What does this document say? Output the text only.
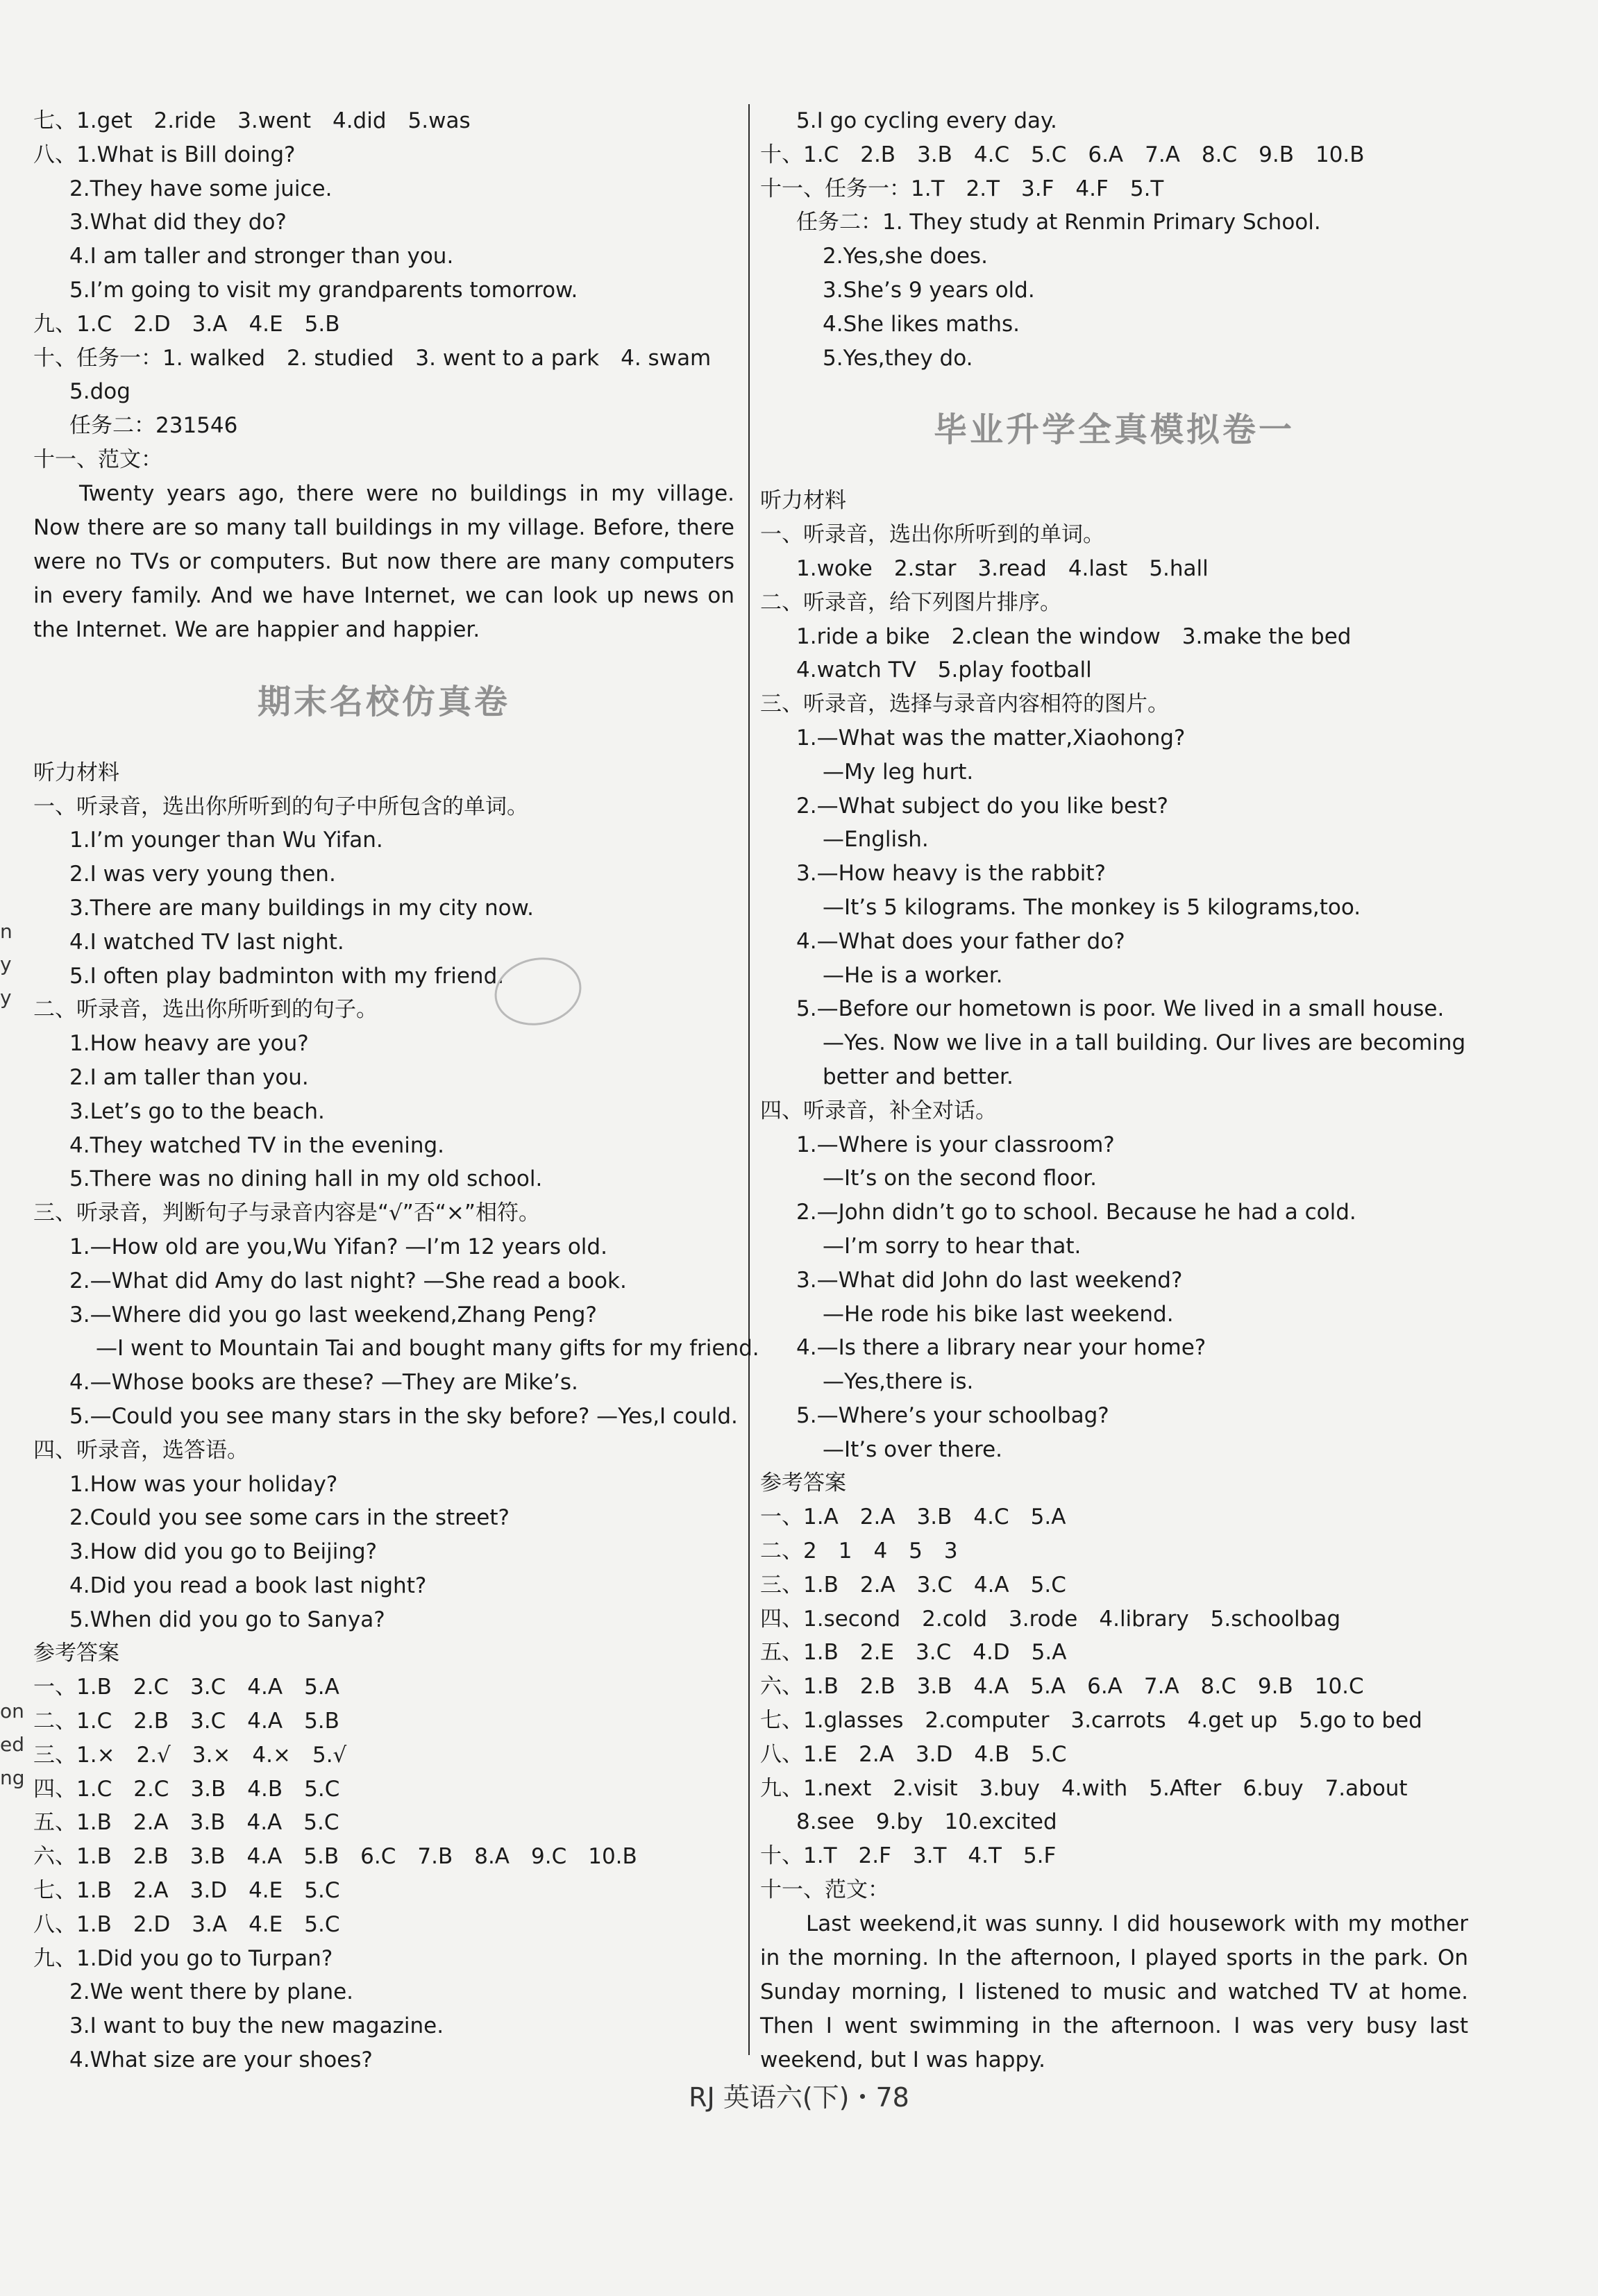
七、1.get　2.ride　3.went　4.did　5.was
八、1.What is Bill doing?
2.They have some juice.
3.What did they do?
4.I am taller and stronger than you.
5.I’m going to visit my grandparents tomorrow.
九、1.C　2.D　3.A　4.E　5.B
十、任务一：1. walked　2. studied　3. went to a park　4. swam
5.dog
任务二：231546
十一、范文：
Twenty years ago, there were no buildings in my village. Now there are so many tall buildings in my village. Before, there were no TVs or computers. But now there are many computers in every family. And we have Internet, we can look up news on the Internet. We are happier and happier.
期末名校仿真卷
听力材料
一、听录音，选出你所听到的句子中所包含的单词。
1.I’m younger than Wu Yifan.
2.I was very young then.
3.There are many buildings in my city now.
4.I watched TV last night.
5.I often play badminton with my friend.
二、听录音，选出你所听到的句子。
1.How heavy are you?
2.I am taller than you.
3.Let’s go to the beach.
4.They watched TV in the evening.
5.There was no dining hall in my old school.
三、听录音，判断句子与录音内容是“√”否“×”相符。
1.—How old are you,Wu Yifan? —I’m 12 years old.
2.—What did Amy do last night? —She read a book.
3.—Where did you go last weekend,Zhang Peng?
—I went to Mountain Tai and bought many gifts for my friend.
4.—Whose books are these? —They are Mike’s.
5.—Could you see many stars in the sky before? —Yes,I could.
四、听录音，选答语。
1.How was your holiday?
2.Could you see some cars in the street?
3.How did you go to Beijing?
4.Did you read a book last night?
5.When did you go to Sanya?
参考答案
一、1.B　2.C　3.C　4.A　5.A
二、1.C　2.B　3.C　4.A　5.B
三、1.×　2.√　3.×　4.×　5.√
四、1.C　2.C　3.B　4.B　5.C
五、1.B　2.A　3.B　4.A　5.C
六、1.B　2.B　3.B　4.A　5.B　6.C　7.B　8.A　9.C　10.B
七、1.B　2.A　3.D　4.E　5.C
八、1.B　2.D　3.A　4.E　5.C
九、1.Did you go to Turpan?
2.We went there by plane.
3.I want to buy the new magazine.
4.What size are your shoes?
5.I go cycling every day.
十、1.C　2.B　3.B　4.C　5.C　6.A　7.A　8.C　9.B　10.B
十一、任务一：1.T　2.T　3.F　4.F　5.T
任务二：1. They study at Renmin Primary School.
2.Yes,she does.
3.She’s 9 years old.
4.She likes maths.
5.Yes,they do.
毕业升学全真模拟卷一
听力材料
一、听录音，选出你所听到的单词。
1.woke　2.star　3.read　4.last　5.hall
二、听录音，给下列图片排序。
1.ride a bike　2.clean the window　3.make the bed
4.watch TV　5.play football
三、听录音，选择与录音内容相符的图片。
1.—What was the matter,Xiaohong?
—My leg hurt.
2.—What subject do you like best?
—English.
3.—How heavy is the rabbit?
—It’s 5 kilograms. The monkey is 5 kilograms,too.
4.—What does your father do?
—He is a worker.
5.—Before our hometown is poor. We lived in a small house.
—Yes. Now we live in a tall building. Our lives are becoming
better and better.
四、听录音，补全对话。
1.—Where is your classroom?
—It’s on the second floor.
2.—John didn’t go to school. Because he had a cold.
—I’m sorry to hear that.
3.—What did John do last weekend?
—He rode his bike last weekend.
4.—Is there a library near your home?
—Yes,there is.
5.—Where’s your schoolbag?
—It’s over there.
参考答案
一、1.A　2.A　3.B　4.C　5.A
二、2　1　4　5　3
三、1.B　2.A　3.C　4.A　5.C
四、1.second　2.cold　3.rode　4.library　5.schoolbag
五、1.B　2.E　3.C　4.D　5.A
六、1.B　2.B　3.B　4.A　5.A　6.A　7.A　8.C　9.B　10.C
七、1.glasses　2.computer　3.carrots　4.get up　5.go to bed
八、1.E　2.A　3.D　4.B　5.C
九、1.next　2.visit　3.buy　4.with　5.After　6.buy　7.about
8.see　9.by　10.excited
十、1.T　2.F　3.T　4.T　5.F
十一、范文：
Last weekend,it was sunny. I did housework with my mother in the morning. In the afternoon, I played sports in the park. On Sunday morning, I listened to music and watched TV at home. Then I went swimming in the afternoon. I was very busy last weekend, but I was happy.
n
y
y
on
ed
ng
RJ 英语六(下)・78
